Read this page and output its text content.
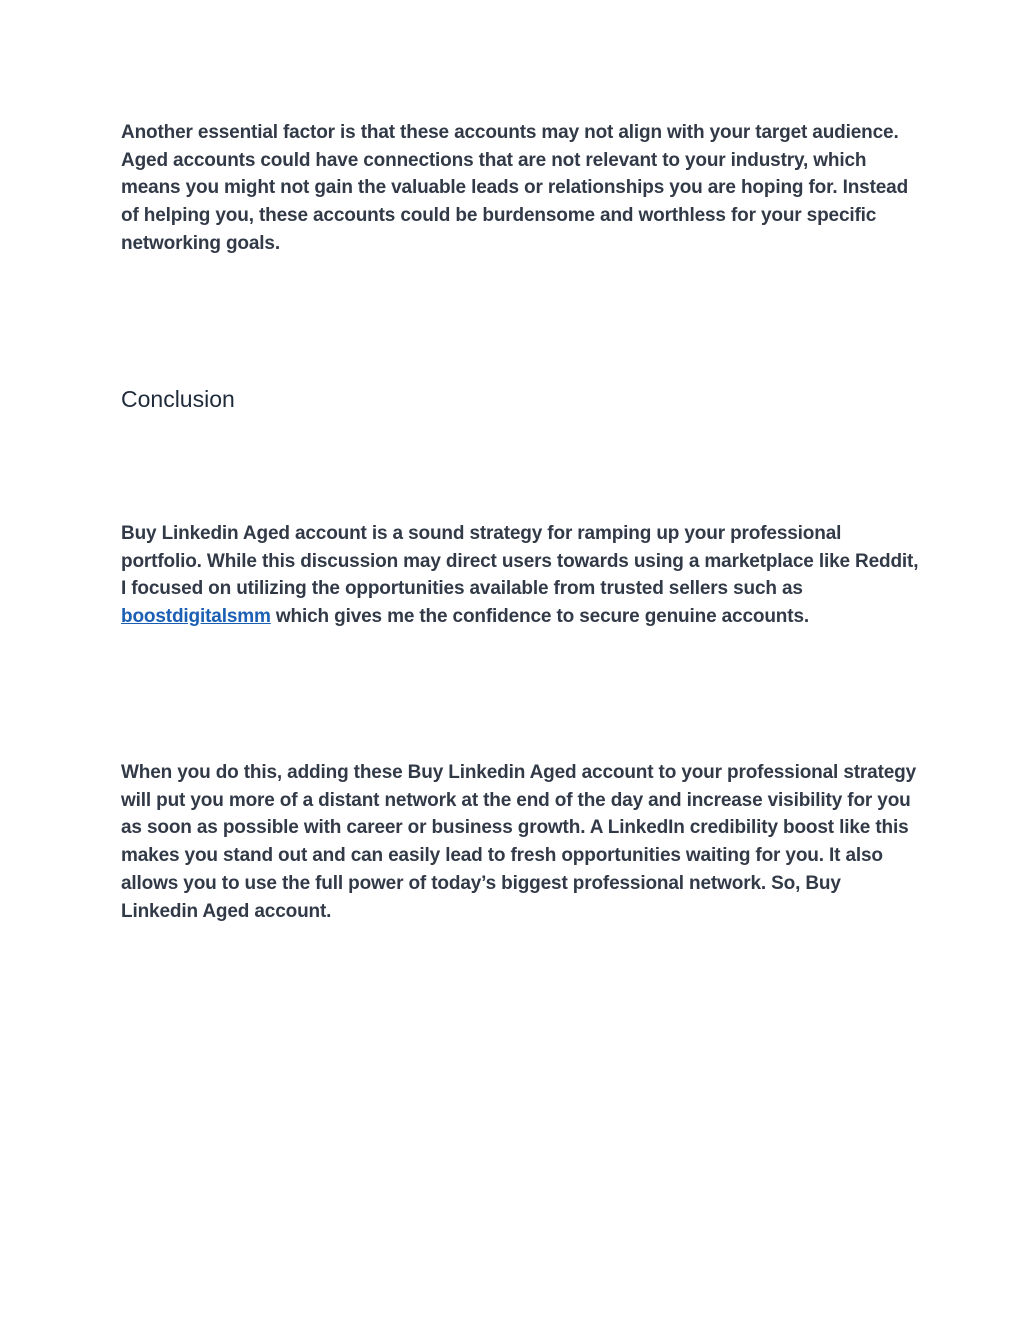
Another essential factor is that these accounts may not align with your target audience. Aged accounts could have connections that are not relevant to your industry, which means you might not gain the valuable leads or relationships you are hoping for. Instead of helping you, these accounts could be burdensome and worthless for your specific networking goals.

Conclusion

Buy Linkedin Aged account is a sound strategy for ramping up your professional portfolio. While this discussion may direct users towards using a marketplace like Reddit, I focused on utilizing the opportunities available from trusted sellers such as boostdigitalsmm which gives me the confidence to secure genuine accounts.

When you do this, adding these Buy Linkedin Aged account to your professional strategy will put you more of a distant network at the end of the day and increase visibility for you as soon as possible with career or business growth. A LinkedIn credibility boost like this makes you stand out and can easily lead to fresh opportunities waiting for you. It also allows you to use the full power of today’s biggest professional network. So, Buy Linkedin Aged account.
